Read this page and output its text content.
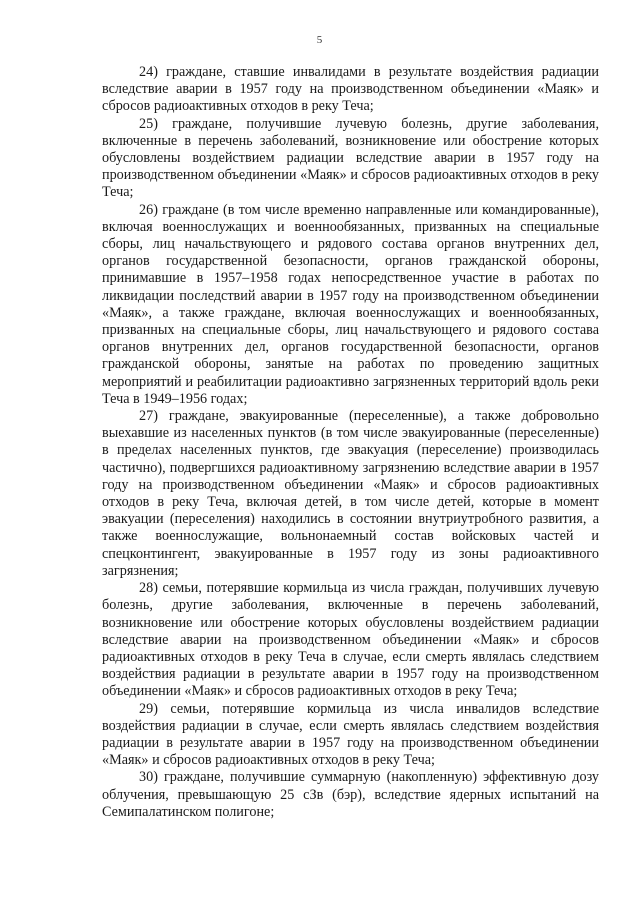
5

24) граждане, ставшие инвалидами в результате воздействия радиации вследствие аварии в 1957 году на производственном объединении «Маяк» и сбросов радиоактивных отходов в реку Теча;

25) граждане, получившие лучевую болезнь, другие заболевания, включенные в перечень заболеваний, возникновение или обострение которых обусловлены воздействием радиации вследствие аварии в 1957 году на производственном объединении «Маяк» и сбросов радиоактивных отходов в реку Теча;

26) граждане (в том числе временно направленные или командированные), включая военнослужащих и военнообязанных, призванных на специальные сборы, лиц начальствующего и рядового состава органов внутренних дел, органов государственной безопасности, органов гражданской обороны, принимавшие в 1957–1958 годах непосредственное участие в работах по ликвидации последствий аварии в 1957 году на производственном объединении «Маяк», а также граждане, включая военнослужащих и военнообязанных, призванных на специальные сборы, лиц начальствующего и рядового состава органов внутренних дел, органов государственной безопасности, органов гражданской обороны, занятые на работах по проведению защитных мероприятий и реабилитации радиоактивно загрязненных территорий вдоль реки Теча в 1949–1956 годах;

27) граждане, эвакуированные (переселенные), а также добровольно выехавшие из населенных пунктов (в том числе эвакуированные (переселенные) в пределах населенных пунктов, где эвакуация (переселение) производилась частично), подвергшихся радиоактивному загрязнению вследствие аварии в 1957 году на производственном объединении «Маяк» и сбросов радиоактивных отходов в реку Теча, включая детей, в том числе детей, которые в момент эвакуации (переселения) находились в состоянии внутриутробного развития, а также военнослужащие, вольнонаемный состав войсковых частей и спецконтингент, эвакуированные в 1957 году из зоны радиоактивного загрязнения;

28) семьи, потерявшие кормильца из числа граждан, получивших лучевую болезнь, другие заболевания, включенные в перечень заболеваний, возникновение или обострение которых обусловлены воздействием радиации вследствие аварии на производственном объединении «Маяк» и сбросов радиоактивных отходов в реку Теча в случае, если смерть являлась следствием воздействия радиации в результате аварии в 1957 году на производственном объединении «Маяк» и сбросов радиоактивных отходов в реку Теча;

29) семьи, потерявшие кормильца из числа инвалидов вследствие воздействия радиации в случае, если смерть являлась следствием воздействия радиации в результате аварии в 1957 году на производственном объединении «Маяк» и сбросов радиоактивных отходов в реку Теча;

30) граждане, получившие суммарную (накопленную) эффективную дозу облучения, превышающую 25 сЗв (бэр), вследствие ядерных испытаний на Семипалатинском полигоне;
